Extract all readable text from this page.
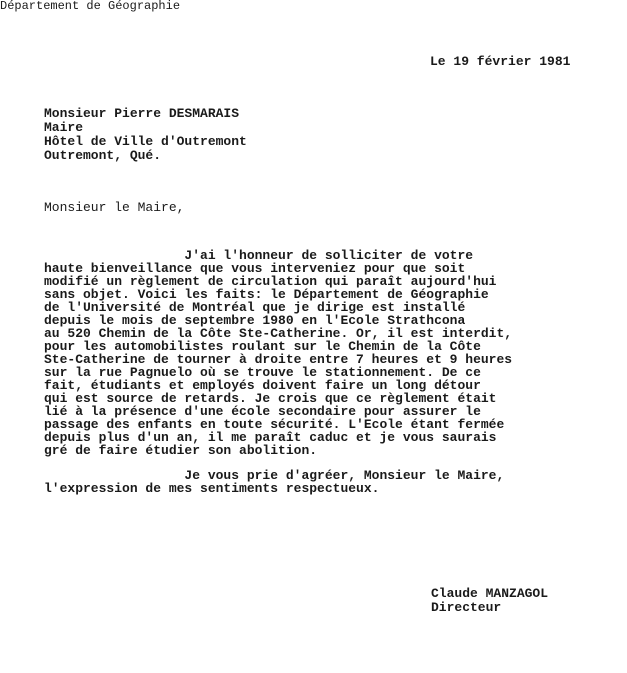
Département de Géographie
Le 19 février 1981
Monsieur Pierre DESMARAIS
Maire
Hôtel de Ville d'Outremont
Outremont, Qué.
Monsieur le Maire,
J'ai l'honneur de solliciter de votre
haute bienveillance que vous interveniez pour que soit
modifié un règlement de circulation qui paraît aujourd'hui
sans objet. Voici les faits: le Département de Géographie
de l'Université de Montréal que je dirige est installé
depuis le mois de septembre 1980 en l'Ecole Strathcona
au 520 Chemin de la Côte Ste-Catherine. Or, il est interdit,
pour les automobilistes roulant sur le Chemin de la Côte
Ste-Catherine de tourner à droite entre 7 heures et 9 heures
sur la rue Pagnuelo où se trouve le stationnement. De ce
fait, étudiants et employés doivent faire un long détour
qui est source de retards. Je crois que ce règlement était
lié à la présence d'une école secondaire pour assurer le
passage des enfants en toute sécurité. L'Ecole étant fermée
depuis plus d'un an, il me paraît caduc et je vous saurais
gré de faire étudier son abolition.
Je vous prie d'agréer, Monsieur le Maire,
l'expression de mes sentiments respectueux.
Claude MANZAGOL
Directeur
